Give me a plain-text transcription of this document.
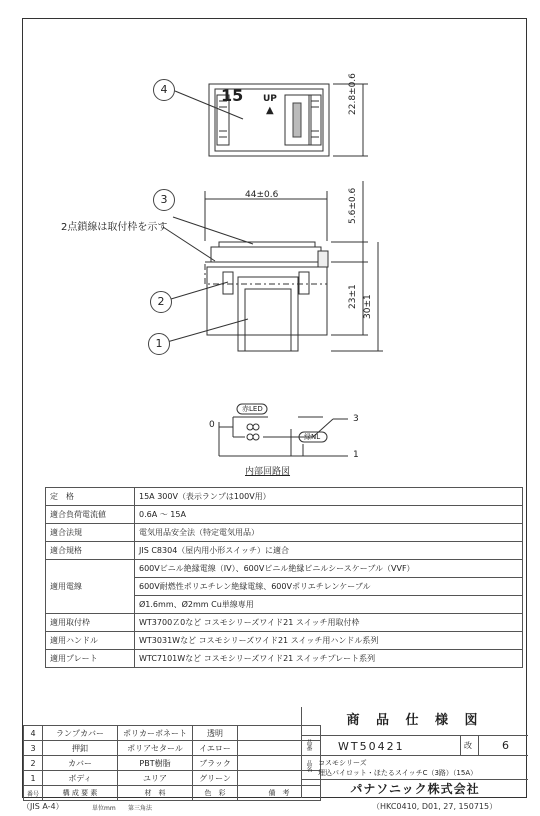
4
3
2
1
15 UP
▲	22.8±0.6
44±0.6	5.6±0.6
23±1 30±1
2点鎖線は取付枠を示す
赤LED
緑NL
0
3
1
内部回路図
定　格	15A 300V（表示ランプは100V用）
適合負荷電流値	0.6A ～ 15A
適合法規	電気用品安全法（特定電気用品）
適合規格	JIS C8304（屋内用小形スイッチ）に適合
適用電線	600Vビニル絶縁電線（IV）、600Vビニル絶縁ビニルシースケーブル（VVF）
	600V耐燃性ポリエチレン絶縁電線、600Vポリエチレンケーブル
	Ø1.6mm、Ø2mm Cu単線専用
適用取付枠	WT3700Ｚ0など コスモシリーズワイド21 スイッチ用取付枠
適用ハンドル	WT3031Wなど コスモシリーズワイド21 スイッチ用ハンドル系列
適用プレート	WTC7101Wなど コスモシリーズワイド21 スイッチプレート系列
4	ランプカバー	ポリカーボネート	透明	
3	押釦	ポリアセタール	イエロー	
2	カバー	PBT樹脂	ブラック	
1	ボディ	ユリア	グリーン	
番号	構 成 要 素	材　料	色　彩	備　考
商 品 仕 様 図
品番 WT50421	改	6
品名 コスモシリーズ
埋込パイロット・ほたるスイッチC（3路）（15A）
パナソニック株式会社
（JIS A-4）	単位mm 第三角法	（HKC0410, D01, 27, 150715）
